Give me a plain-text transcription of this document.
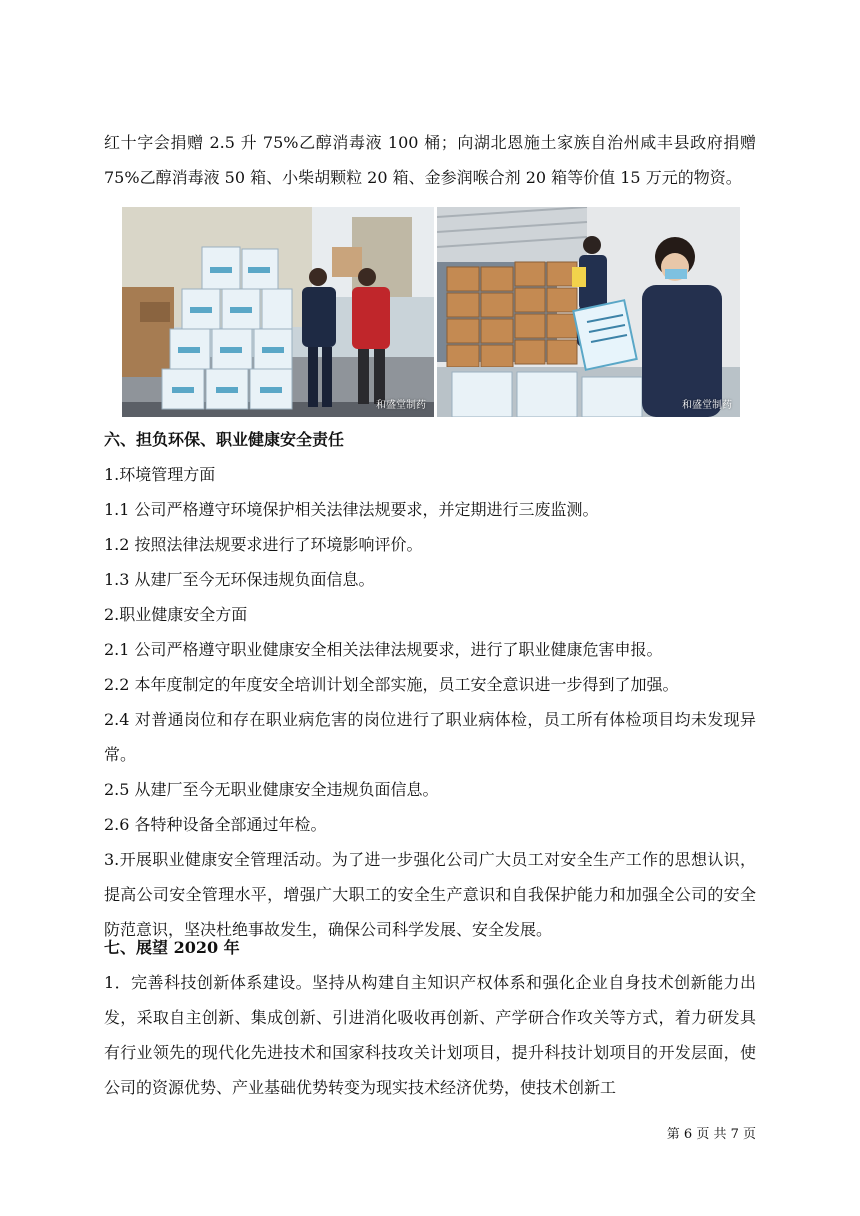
红十字会捐赠 2.5 升 75%乙醇消毒液 100 桶；向湖北恩施土家族自治州咸丰县政府捐赠 75%乙醇消毒液 50 箱、小柴胡颗粒 20 箱、金参润喉合剂 20 箱等价值 15 万元的物资。

和盛堂制药	和盛堂制药

六、担负环保、职业健康安全责任

1.环境管理方面

1.1 公司严格遵守环境保护相关法律法规要求，并定期进行三废监测。

1.2 按照法律法规要求进行了环境影响评价。

1.3 从建厂至今无环保违规负面信息。

2.职业健康安全方面

2.1 公司严格遵守职业健康安全相关法律法规要求，进行了职业健康危害申报。

2.2 本年度制定的年度安全培训计划全部实施，员工安全意识进一步得到了加强。

2.4 对普通岗位和存在职业病危害的岗位进行了职业病体检，员工所有体检项目均未发现异常。

2.5 从建厂至今无职业健康安全违规负面信息。

2.6 各特种设备全部通过年检。

3.开展职业健康安全管理活动。为了进一步强化公司广大员工对安全生产工作的思想认识，提高公司安全管理水平，增强广大职工的安全生产意识和自我保护能力和加强全公司的安全防范意识，坚决杜绝事故发生，确保公司科学发展、安全发展。

七、展望 2020 年

1．完善科技创新体系建设。坚持从构建自主知识产权体系和强化企业自身技术创新能力出发，采取自主创新、集成创新、引进消化吸收再创新、产学研合作攻关等方式，着力研发具有行业领先的现代化先进技术和国家科技攻关计划项目，提升科技计划项目的开发层面，使公司的资源优势、产业基础优势转变为现实技术经济优势，使技术创新工

第 6 页 共 7 页
